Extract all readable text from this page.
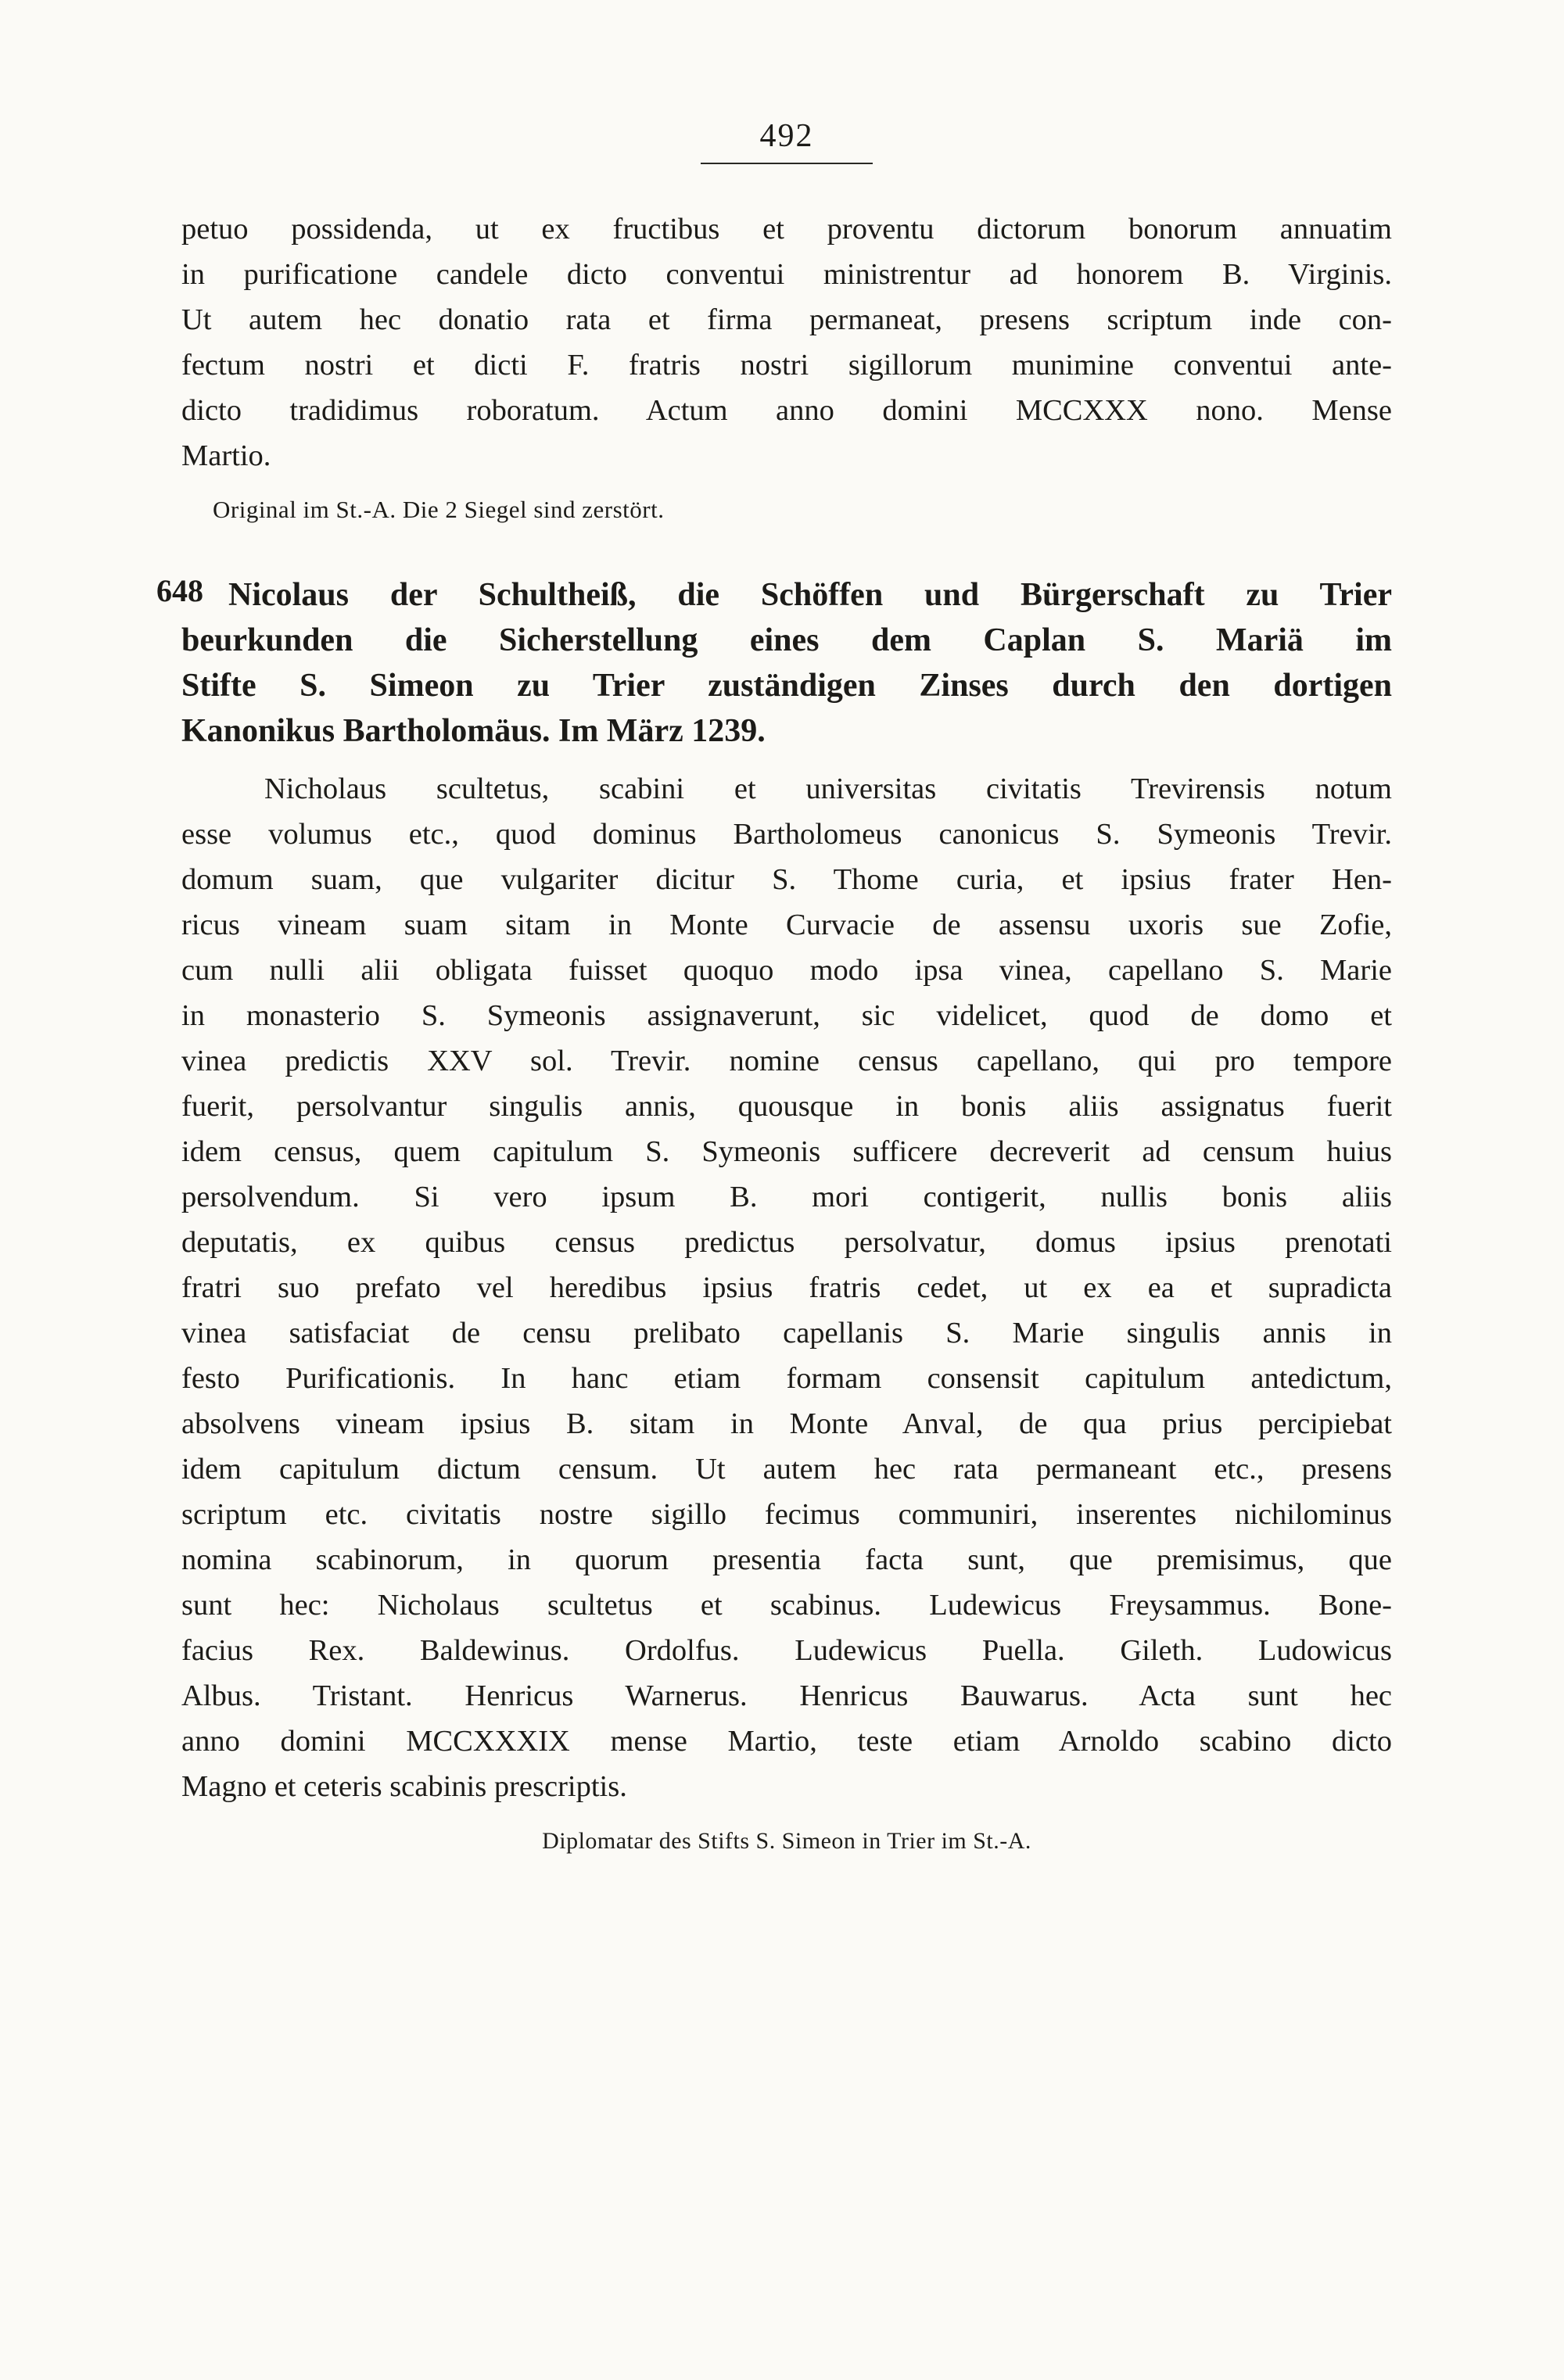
492

petuo possidenda, ut ex fructibus et proventu dictorum bonorum annuatim
in purificatione candele dicto conventui ministrentur ad honorem B. Virginis.
Ut autem hec donatio rata et firma permaneat, presens scriptum inde con-
fectum nostri et dicti F. fratris nostri sigillorum munimine conventui ante-
dicto tradidimus roboratum. Actum anno domini MCCXXX nono. Mense
Martio.

Original im St.-A. Die 2 Siegel sind zerstört.
648 Nicolaus der Schultheiß, die Schöffen und Bürgerschaft zu Trier
beurkunden die Sicherstellung eines dem Caplan S. Mariä im
Stifte S. Simeon zu Trier zuständigen Zinses durch den dortigen
Kanonikus Bartholomäus. Im März 1239.

Nicholaus scultetus, scabini et universitas civitatis Trevirensis notum
esse volumus etc., quod dominus Bartholomeus canonicus S. Symeonis Trevir.
domum suam, que vulgariter dicitur S. Thome curia, et ipsius frater Hen-
ricus vineam suam sitam in Monte Curvacie de assensu uxoris sue Zofie,
cum nulli alii obligata fuisset quoquo modo ipsa vinea, capellano S. Marie
in monasterio S. Symeonis assignaverunt, sic videlicet, quod de domo et
vinea predictis XXV sol. Trevir. nomine census capellano, qui pro tempore
fuerit, persolvantur singulis annis, quousque in bonis aliis assignatus fuerit
idem census, quem capitulum S. Symeonis sufficere decreverit ad censum huius
persolvendum. Si vero ipsum B. mori contigerit, nullis bonis aliis
deputatis, ex quibus census predictus persolvatur, domus ipsius prenotati
fratri suo prefato vel heredibus ipsius fratris cedet, ut ex ea et supradicta
vinea satisfaciat de censu prelibato capellanis S. Marie singulis annis in
festo Purificationis. In hanc etiam formam consensit capitulum antedictum,
absolvens vineam ipsius B. sitam in Monte Anval, de qua prius percipiebat
idem capitulum dictum censum. Ut autem hec rata permaneant etc., presens
scriptum etc. civitatis nostre sigillo fecimus communiri, inserentes nichilominus
nomina scabinorum, in quorum presentia facta sunt, que premisimus, que
sunt hec: Nicholaus scultetus et scabinus. Ludewicus Freysammus. Bone-
facius Rex. Baldewinus. Ordolfus. Ludewicus Puella. Gileth. Ludowicus
Albus. Tristant. Henricus Warnerus. Henricus Bauwarus. Acta sunt hec
anno domini MCCXXXIX mense Martio, teste etiam Arnoldo scabino dicto
Magno et ceteris scabinis prescriptis.

Diplomatar des Stifts S. Simeon in Trier im St.-A.
